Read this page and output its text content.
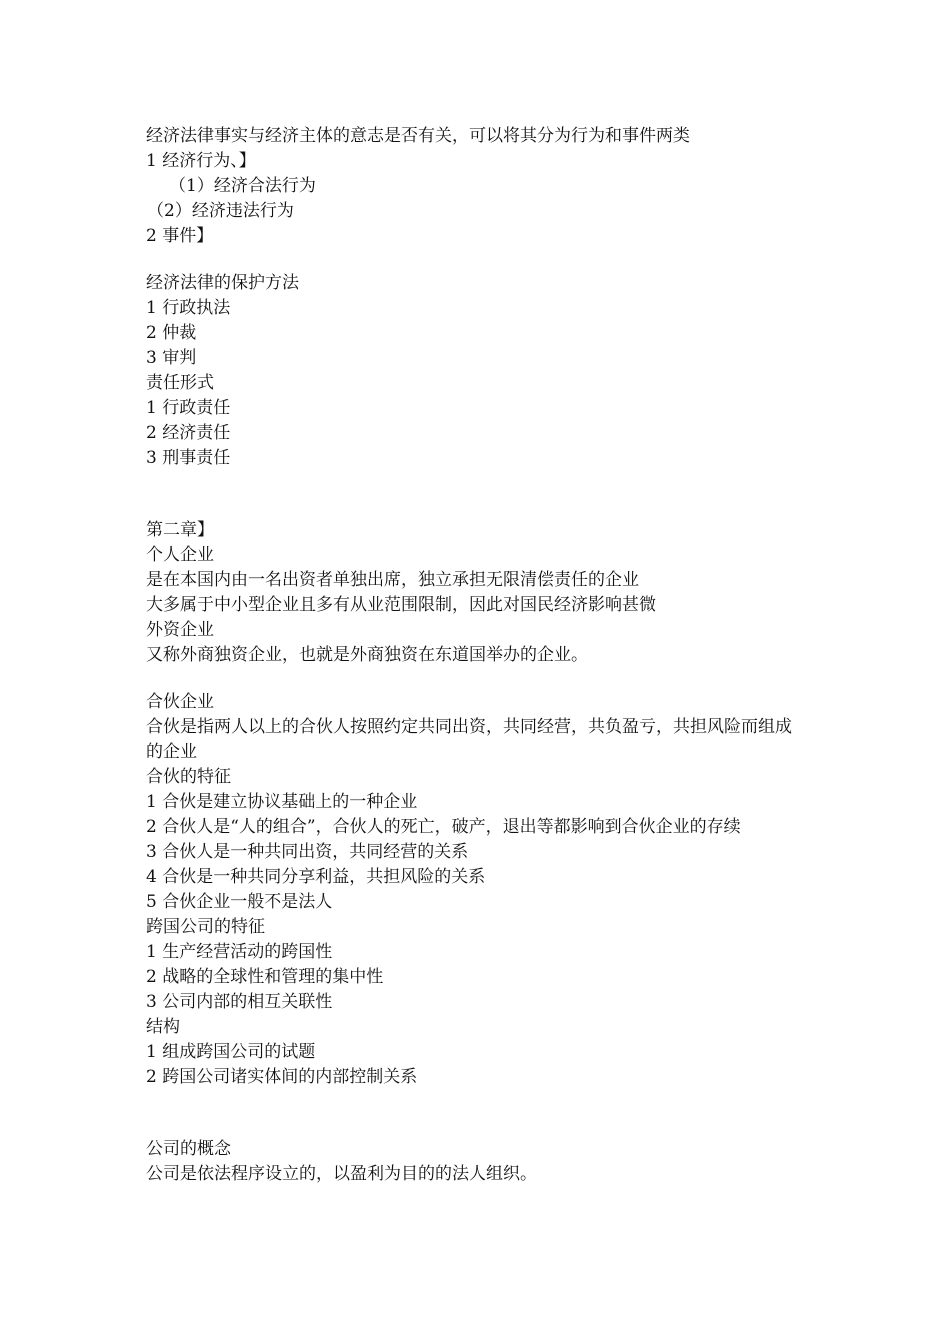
经济法律事实与经济主体的意志是否有关，可以将其分为行为和事件两类
1 经济行为、】
（1）经济合法行为
（2）经济违法行为
2 事件】
经济法律的保护方法
1 行政执法
2 仲裁
3 审判
责任形式
1 行政责任
2 经济责任
3 刑事责任
第二章】
个人企业
是在本国内由一名出资者单独出席，独立承担无限清偿责任的企业
大多属于中小型企业且多有从业范围限制，因此对国民经济影响甚微
外资企业
又称外商独资企业，也就是外商独资在东道国举办的企业。
合伙企业
合伙是指两人以上的合伙人按照约定共同出资，共同经营，共负盈亏，共担风险而组成的企业
合伙的特征
1 合伙是建立协议基础上的一种企业
2 合伙人是“人的组合”，合伙人的死亡，破产，退出等都影响到合伙企业的存续
3 合伙人是一种共同出资，共同经营的关系
4 合伙是一种共同分享利益，共担风险的关系
5 合伙企业一般不是法人
跨国公司的特征
1 生产经营活动的跨国性
2 战略的全球性和管理的集中性
3 公司内部的相互关联性
结构
1 组成跨国公司的试题
2 跨国公司诸实体间的内部控制关系
公司的概念
公司是依法程序设立的，以盈利为目的的法人组织。
